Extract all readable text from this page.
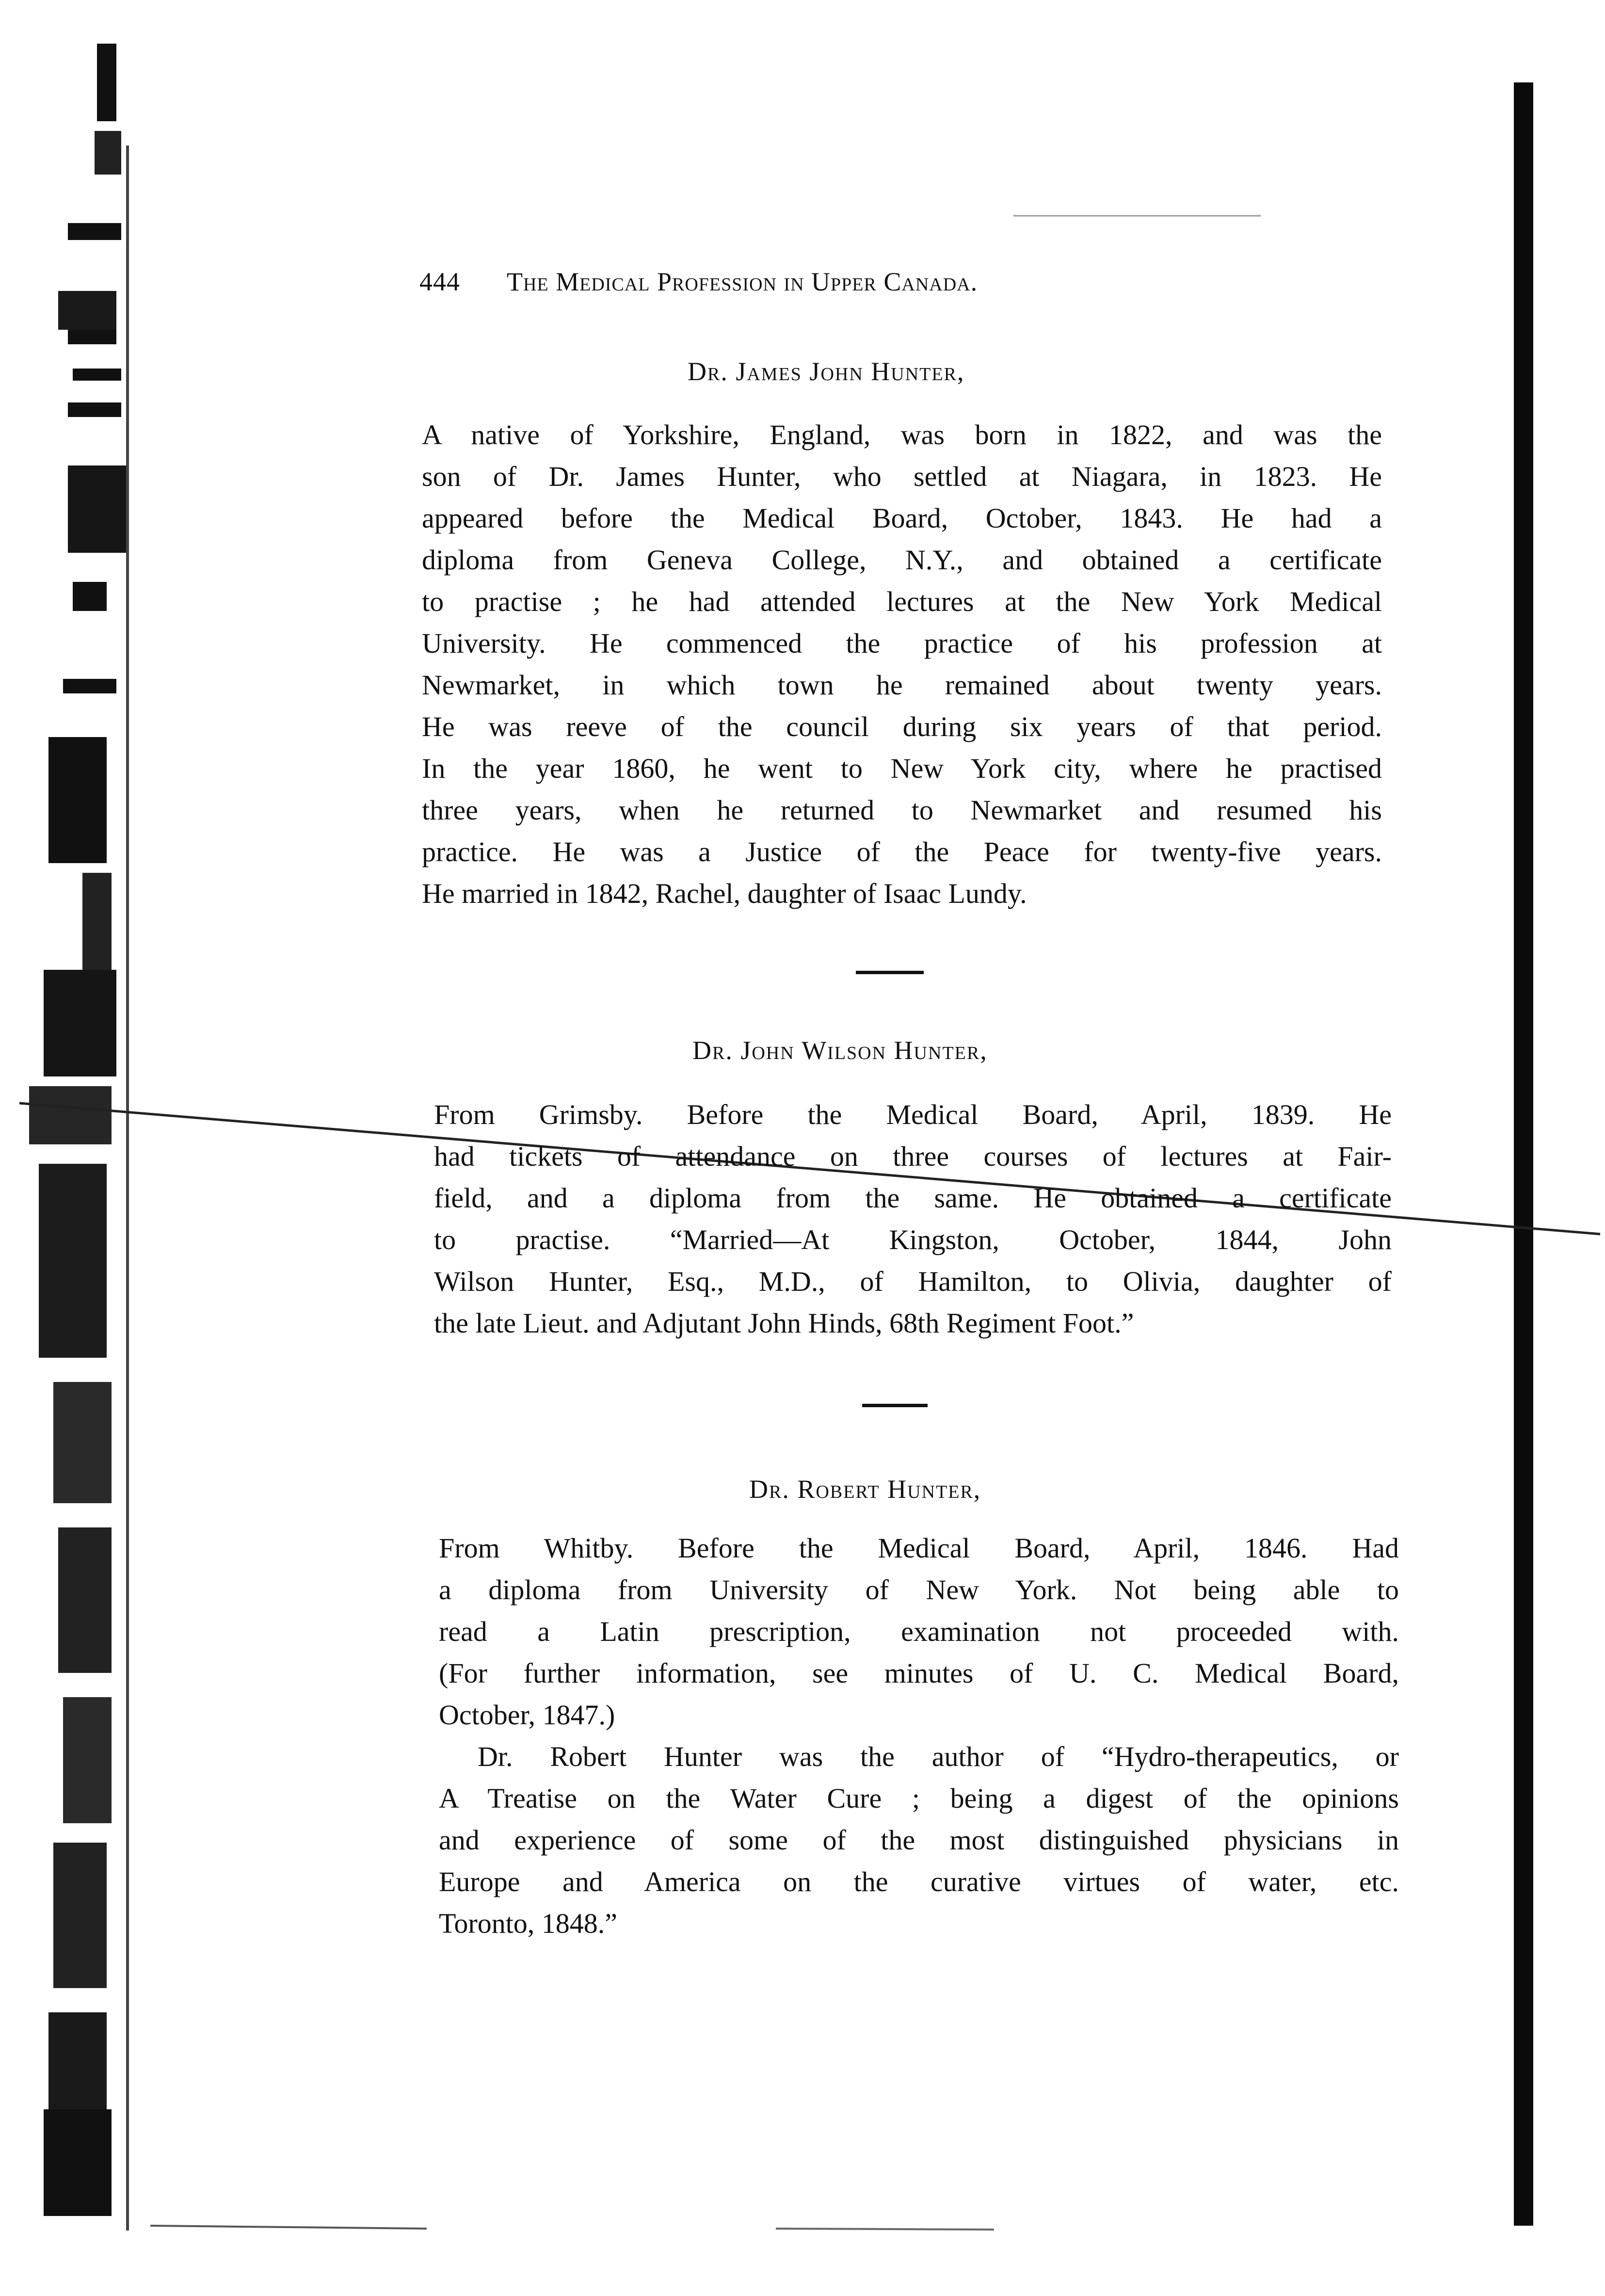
444 The Medical Profession in Upper Canada.
Dr. James John Hunter,
A native of Yorkshire, England, was born in 1822, and was the
son of Dr. James Hunter, who settled at Niagara, in 1823. He
appeared before the Medical Board, October, 1843. He had a
diploma from Geneva College, N.Y., and obtained a certificate
to practise ; he had attended lectures at the New York Medical
University. He commenced the practice of his profession at
Newmarket, in which town he remained about twenty years.
He was reeve of the council during six years of that period.
In the year 1860, he went to New York city, where he practised
three years, when he returned to Newmarket and resumed his
practice. He was a Justice of the Peace for twenty-five years.
He married in 1842, Rachel, daughter of Isaac Lundy.
Dr. John Wilson Hunter,
From Grimsby. Before the Medical Board, April, 1839. He
had tickets of attendance on three courses of lectures at Fair-
field, and a diploma from the same. He obtained a certificate
to practise. “Married—At Kingston, October, 1844, John
Wilson Hunter, Esq., M.D., of Hamilton, to Olivia, daughter of
the late Lieut. and Adjutant John Hinds, 68th Regiment Foot.”
Dr. Robert Hunter,
From Whitby. Before the Medical Board, April, 1846. Had
a diploma from University of New York. Not being able to
read a Latin prescription, examination not proceeded with.
(For further information, see minutes of U. C. Medical Board,
October, 1847.)
Dr. Robert Hunter was the author of “Hydro-therapeutics, or
A Treatise on the Water Cure ; being a digest of the opinions
and experience of some of the most distinguished physicians in
Europe and America on the curative virtues of water, etc.
Toronto, 1848.”
